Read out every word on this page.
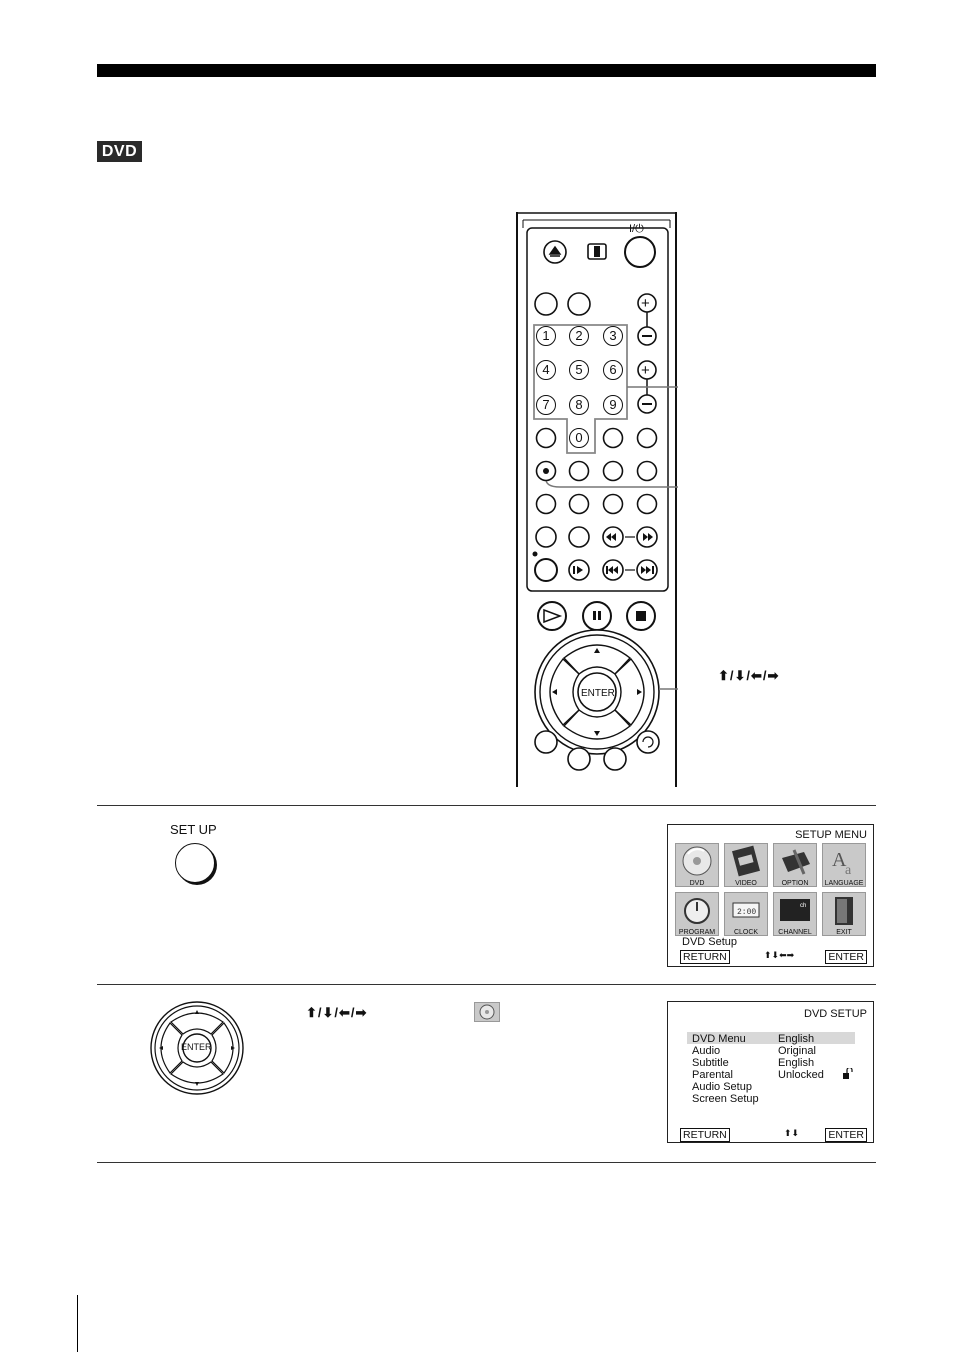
DVD
I/⏻
+
+
ENTER
1	2	3
4	5	6
7	8	9
0
⬆/⬇/⬅/➡
SET UP	SETUP MENU
DVD	VIDEO	OPTION
A
a
LANGUAGE
PROGRAM
2:00
CLOCK
ch
CHANNEL	EXIT
DVD Setup
RETURN	⬆⬇⬅➡	ENTER
ENTER
⬆/⬇/⬅/➡	DVD SETUP
DVD Menu	English
Audio	Original
Subtitle	English
Parental	Unlocked
Audio Setup
Screen Setup
RETURN	⬆⬇	ENTER
